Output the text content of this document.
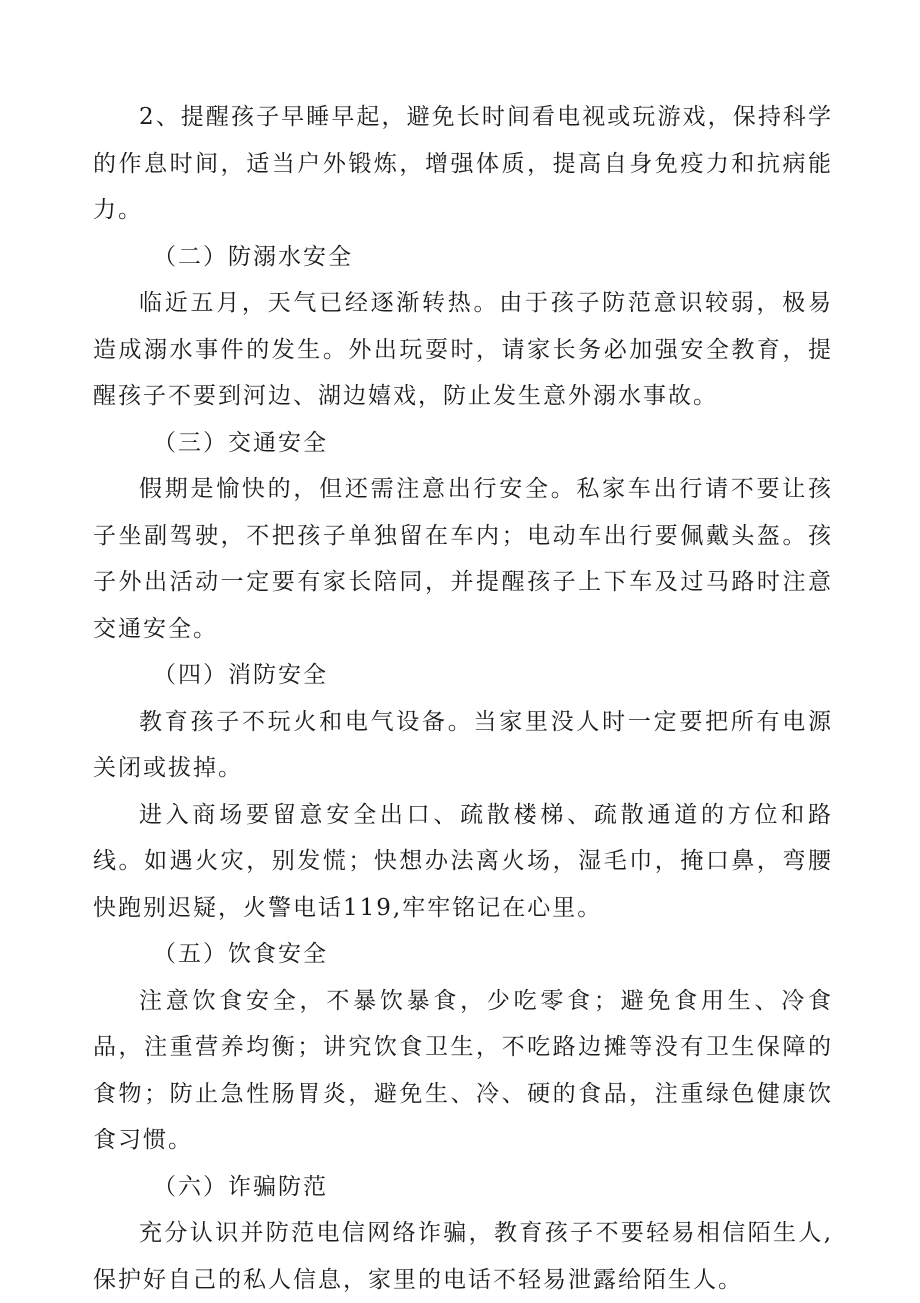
2、提醒孩子早睡早起，避免长时间看电视或玩游戏，保持科学的作息时间，适当户外锻炼，增强体质，提高自身免疫力和抗病能力。

（二）防溺水安全

临近五月，天气已经逐渐转热。由于孩子防范意识较弱，极易造成溺水事件的发生。外出玩耍时，请家长务必加强安全教育，提醒孩子不要到河边、湖边嬉戏，防止发生意外溺水事故。

（三）交通安全

假期是愉快的，但还需注意出行安全。私家车出行请不要让孩子坐副驾驶，不把孩子单独留在车内；电动车出行要佩戴头盔。孩子外出活动一定要有家长陪同，并提醒孩子上下车及过马路时注意交通安全。

（四）消防安全

教育孩子不玩火和电气设备。当家里没人时一定要把所有电源关闭或拔掉。

进入商场要留意安全出口、疏散楼梯、疏散通道的方位和路线。如遇火灾，别发慌；快想办法离火场，湿毛巾，掩口鼻，弯腰快跑别迟疑，火警电话119,牢牢铭记在心里。

（五）饮食安全

注意饮食安全，不暴饮暴食，少吃零食；避免食用生、冷食品，注重营养均衡；讲究饮食卫生，不吃路边摊等没有卫生保障的食物；防止急性肠胃炎，避免生、冷、硬的食品，注重绿色健康饮食习惯。

（六）诈骗防范

充分认识并防范电信网络诈骗，教育孩子不要轻易相信陌生人,保护好自己的私人信息，家里的电话不轻易泄露给陌生人。
